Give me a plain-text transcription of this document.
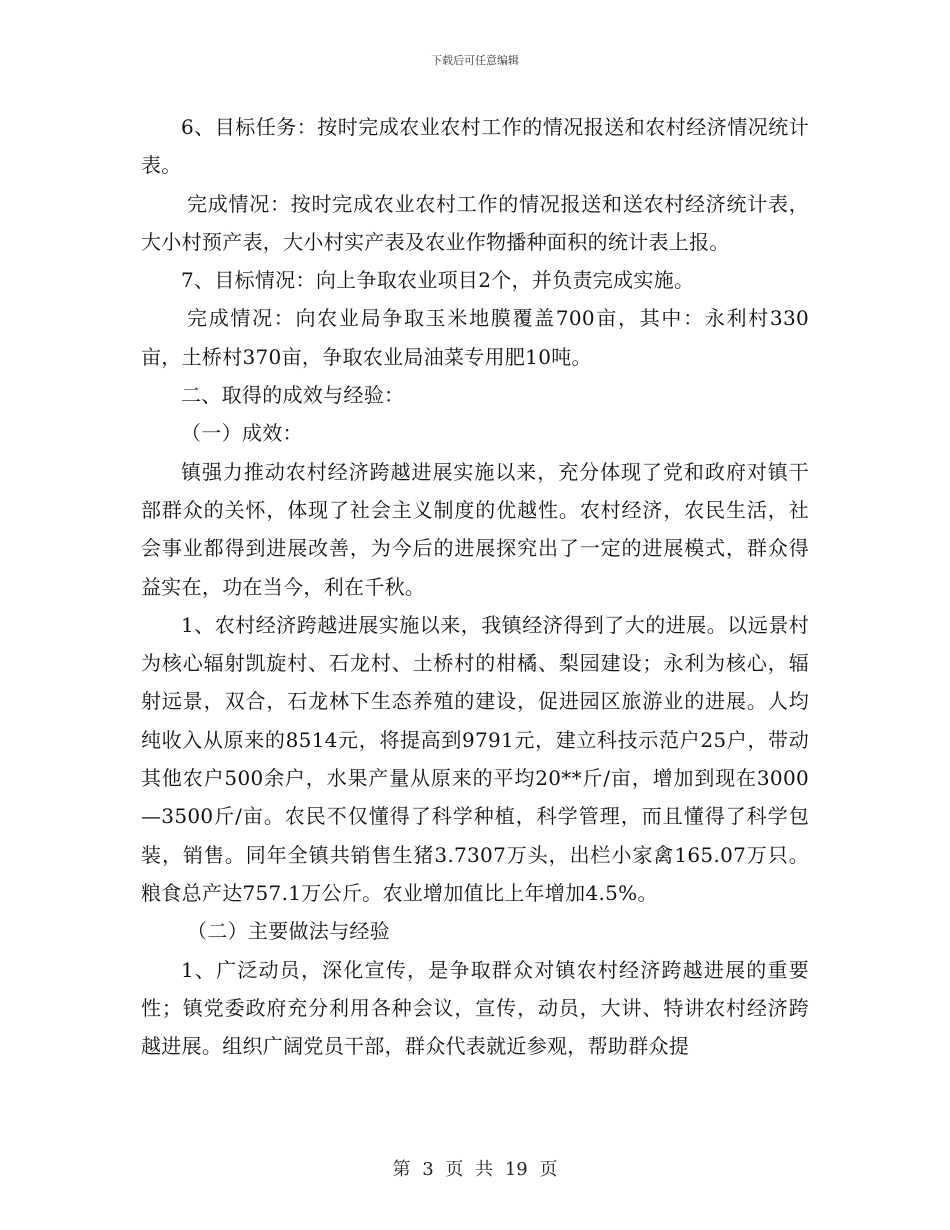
下载后可任意编辑

6、目标任务：按时完成农业农村工作的情况报送和农村经济情况统计表。

完成情况：按时完成农业农村工作的情况报送和送农村经济统计表，大小村预产表，大小村实产表及农业作物播种面积的统计表上报。

7、目标情况：向上争取农业项目2个，并负责完成实施。

完成情况：向农业局争取玉米地膜覆盖700亩，其中：永利村330亩，土桥村370亩，争取农业局油菜专用肥10吨。

二、取得的成效与经验：

（一）成效：

镇强力推动农村经济跨越进展实施以来，充分体现了党和政府对镇干部群众的关怀，体现了社会主义制度的优越性。农村经济，农民生活，社会事业都得到进展改善，为今后的进展探究出了一定的进展模式，群众得益实在，功在当今，利在千秋。

1、农村经济跨越进展实施以来，我镇经济得到了大的进展。以远景村为核心辐射凯旋村、石龙村、土桥村的柑橘、梨园建设；永利为核心，辐射远景，双合，石龙林下生态养殖的建设，促进园区旅游业的进展。人均纯收入从原来的8514元，将提高到9791元，建立科技示范户25户，带动其他农户500余户，水果产量从原来的平均20**斤/亩，增加到现在3000—3500斤/亩。农民不仅懂得了科学种植，科学管理，而且懂得了科学包装，销售。同年全镇共销售生猪3.7307万头，出栏小家禽165.07万只。粮食总产达757.1万公斤。农业增加值比上年增加4.5%。

（二）主要做法与经验

1、广泛动员，深化宣传，是争取群众对镇农村经济跨越进展的重要性；镇党委政府充分利用各种会议，宣传，动员，大讲、特讲农村经济跨越进展。组织广阔党员干部，群众代表就近参观，帮助群众提

第 3 页 共 19 页
